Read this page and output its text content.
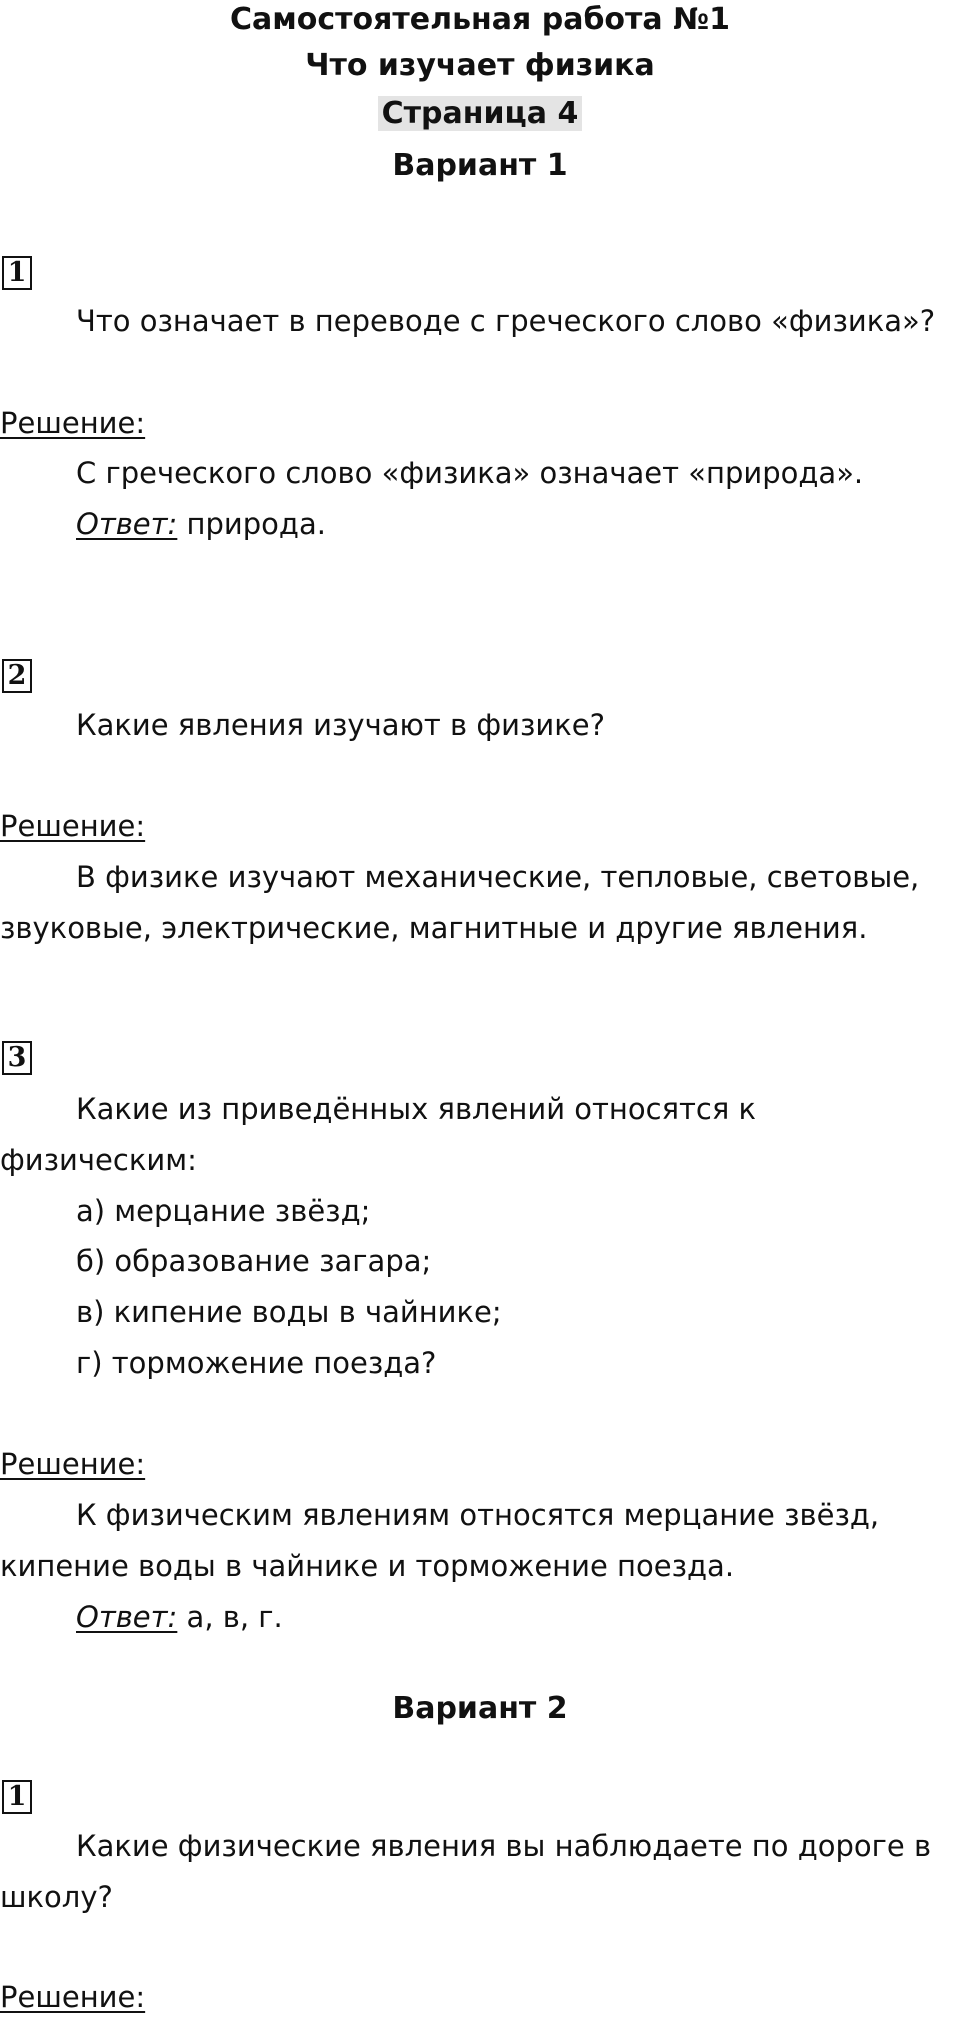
Самостоятельная работа №1
Что изучает физика
Страница 4
Вариант 1
1
Что означает в переводе с греческого слово «физика»?
Решение:
С греческого слово «физика» означает «природа».
Ответ: природа.
2
Какие явления изучают в физике?
Решение:
В физике изучают механические, тепловые, световые,
звуковые, электрические, магнитные и другие явления.
3
Какие из приведённых явлений относятся к
физическим:
а) мерцание звёзд;
б) образование загара;
в) кипение воды в чайнике;
г) торможение поезда?
Решение:
К физическим явлениям относятся мерцание звёзд,
кипение воды в чайнике и торможение поезда.
Ответ: а, в, г.
Вариант 2
1
Какие физические явления вы наблюдаете по дороге в
школу?
Решение:
